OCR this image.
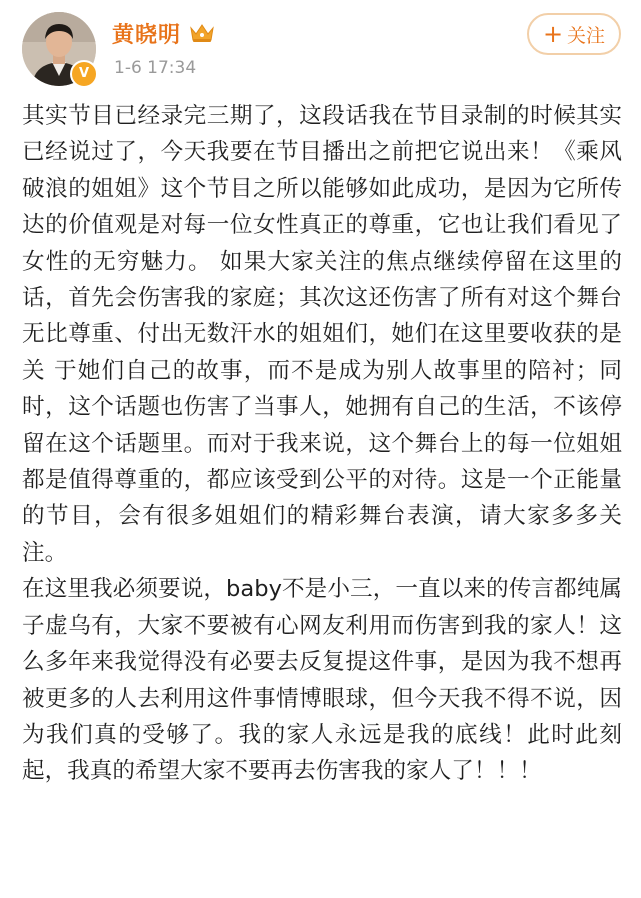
V
黄晓明
1-6 17:34
+ 关注

其实节目已经录完三期了，这段话我在节目录制的时候其实已经说过了，今天我要在节目播出之前把它说出来！《乘风破浪的姐姐》这个节目之所以能够如此成功，是因为它所传达的价值观是对每一位女性真正的尊重，它也让我们看见了女性的无穷魅力。 如果大家关注的焦点继续停留在这里的话，首先会伤害我的家庭；其次这还伤害了所有对这个舞台无比尊重、付出无数汗水的姐姐们，她们在这里要收获的是关 于她们自己的故事，而不是成为别人故事里的陪衬；同时，这个话题也伤害了当事人，她拥有自己的生活，不该停留在这个话题里。而对于我来说，这个舞台上的每一位姐姐都是值得尊重的，都应该受到公平的对待。这是一个正能量的节目，会有很多姐姐们的精彩舞台表演，请大家多多关注。

在这里我必须要说，baby不是小三，一直以来的传言都纯属子虚乌有，大家不要被有心网友利用而伤害到我的家人！这么多年来我觉得没有必要去反复提这件事，是因为我不想再被更多的人去利用这件事情博眼球，但今天我不得不说，因为我们真的受够了。我的家人永远是我的底线！此时此刻起，我真的希望大家不要再去伤害我的家人了！！！
